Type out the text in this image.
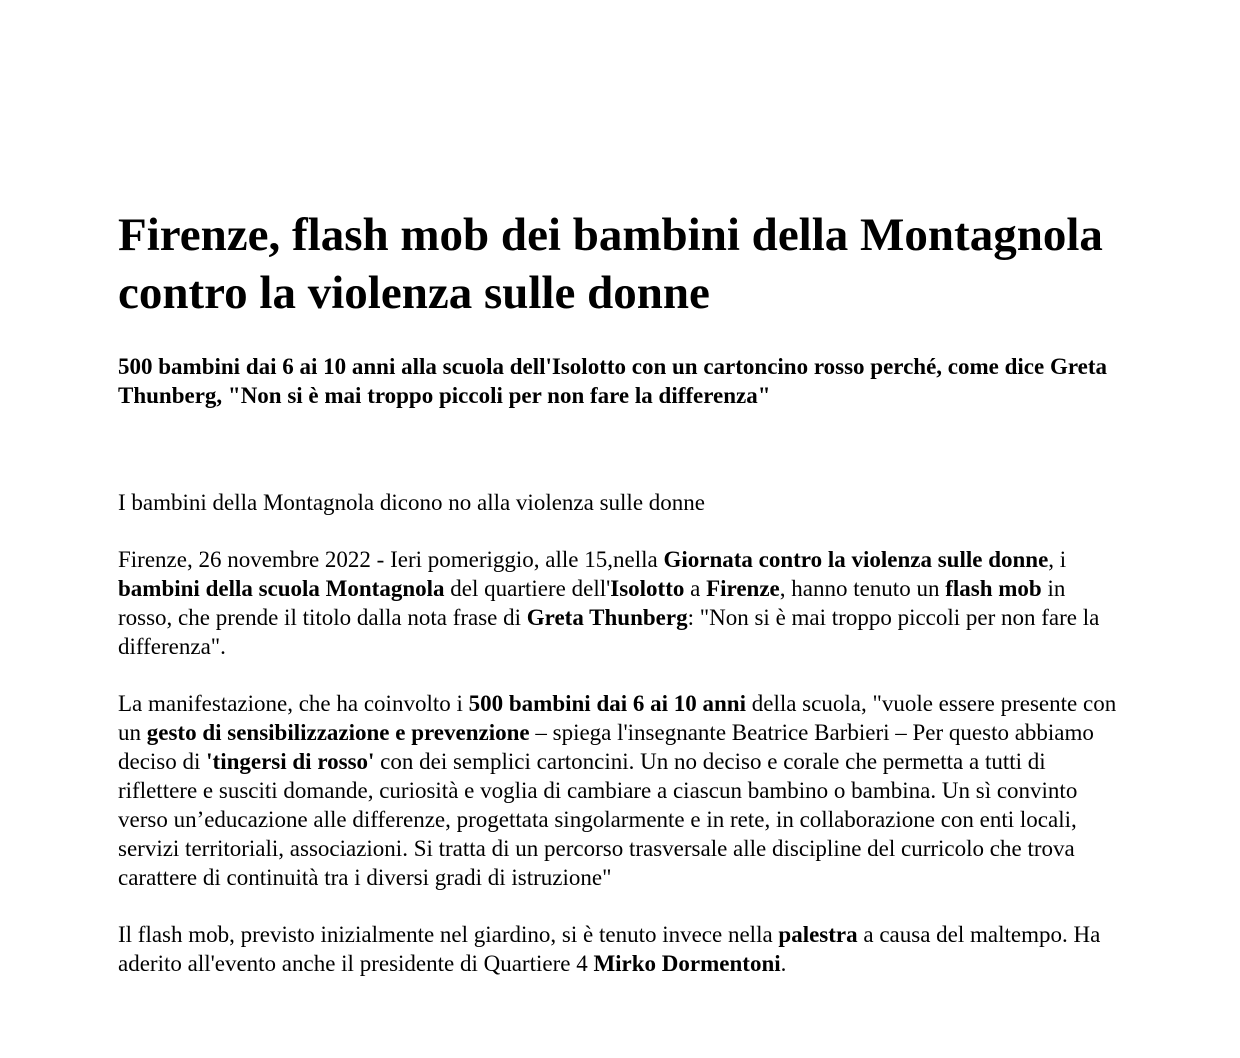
Firenze, flash mob dei bambini della Montagnola contro la violenza sulle donne
500 bambini dai 6 ai 10 anni alla scuola dell'Isolotto con un cartoncino rosso perché, come dice Greta Thunberg, "Non si è mai troppo piccoli per non fare la differenza"

I bambini della Montagnola dicono no alla violenza sulle donne

Firenze, 26 novembre 2022 - Ieri pomeriggio, alle 15,nella Giornata contro la violenza sulle donne, i bambini della scuola Montagnola del quartiere dell'Isolotto a Firenze, hanno tenuto un flash mob in rosso, che prende il titolo dalla nota frase di Greta Thunberg: "Non si è mai troppo piccoli per non fare la differenza".

La manifestazione, che ha coinvolto i 500 bambini dai 6 ai 10 anni della scuola, "vuole essere presente con un gesto di sensibilizzazione e prevenzione – spiega l'insegnante Beatrice Barbieri – Per questo abbiamo deciso di 'tingersi di rosso' con dei semplici cartoncini. Un no deciso e corale che permetta a tutti di riflettere e susciti domande, curiosità e voglia di cambiare a ciascun bambino o bambina. Un sì convinto verso un’educazione alle differenze, progettata singolarmente e in rete, in collaborazione con enti locali, servizi territoriali, associazioni. Si tratta di un percorso trasversale alle discipline del curricolo che trova carattere di continuità tra i diversi gradi di istruzione"

Il flash mob, previsto inizialmente nel giardino, si è tenuto invece nella palestra a causa del maltempo. Ha aderito all'evento anche il presidente di Quartiere 4 Mirko Dormentoni.
